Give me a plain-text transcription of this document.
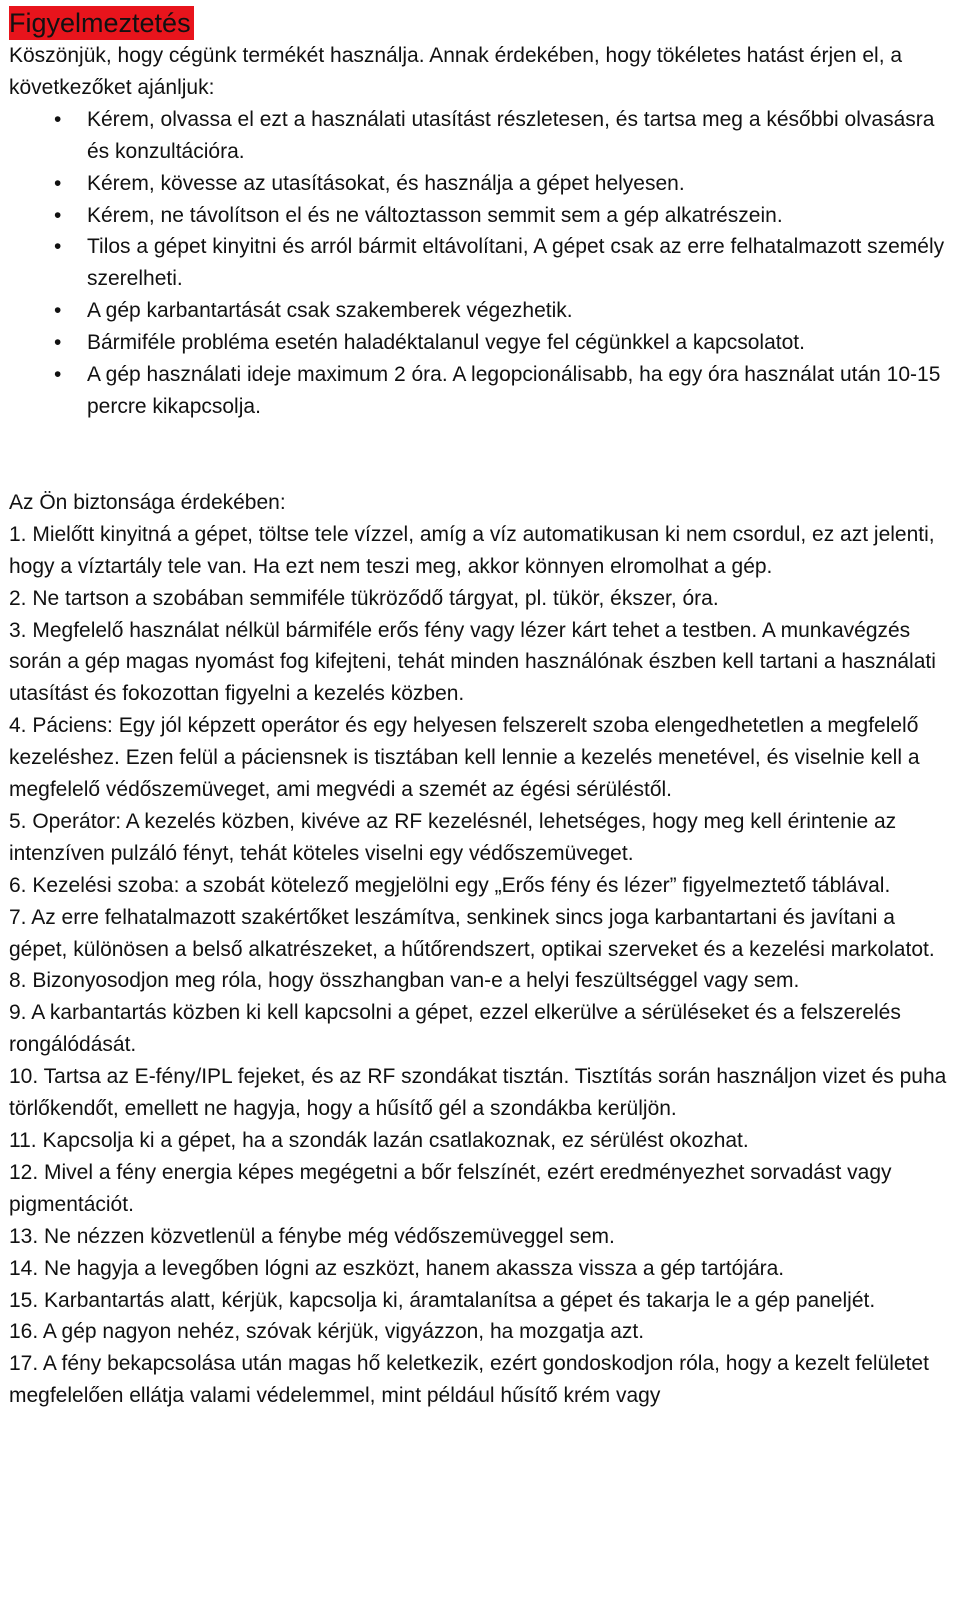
Figyelmeztetés

Köszönjük, hogy cégünk termékét használja. Annak érdekében, hogy tökéletes hatást érjen el, a következőket ajánljuk:

• Kérem, olvassa el ezt a használati utasítást részletesen, és tartsa meg a későbbi olvasásra és konzultációra.
• Kérem, kövesse az utasításokat, és használja a gépet helyesen.
• Kérem, ne távolítson el és ne változtasson semmit sem a gép alkatrészein.
• Tilos a gépet kinyitni és arról bármit eltávolítani, A gépet csak az erre felhatalmazott személy szerelheti.
• A gép karbantartását csak szakemberek végezhetik.
• Bármiféle probléma esetén haladéktalanul vegye fel cégünkkel a kapcsolatot.
• A gép használati ideje maximum 2 óra. A legopcionálisabb, ha egy óra használat után 10-15 percre kikapcsolja.

Az Ön biztonsága érdekében:

1. Mielőtt kinyitná a gépet, töltse tele vízzel, amíg a víz automatikusan ki nem csordul, ez azt jelenti, hogy a víztartály tele van. Ha ezt nem teszi meg, akkor könnyen elromolhat a gép.

2. Ne tartson a szobában semmiféle tükröződő tárgyat, pl. tükör, ékszer, óra.

3. Megfelelő használat nélkül bármiféle erős fény vagy lézer kárt tehet a testben. A munkavégzés során a gép magas nyomást fog kifejteni, tehát minden használónak észben kell tartani a használati utasítást és fokozottan figyelni a kezelés közben.

4. Páciens: Egy jól képzett operátor és egy helyesen felszerelt szoba elengedhetetlen a megfelelő kezeléshez. Ezen felül a páciensnek is tisztában kell lennie a kezelés menetével, és viselnie kell a megfelelő védőszemüveget, ami megvédi a szemét az égési sérüléstől.

5. Operátor: A kezelés közben, kivéve az RF kezelésnél, lehetséges, hogy meg kell érintenie az intenzíven pulzáló fényt, tehát köteles viselni egy védőszemüveget.

6. Kezelési szoba: a szobát kötelező megjelölni egy „Erős fény és lézer” figyelmeztető táblával.

7. Az erre felhatalmazott szakértőket leszámítva, senkinek sincs joga karbantartani és javítani a gépet, különösen a belső alkatrészeket, a hűtőrendszert, optikai szerveket és a kezelési markolatot.

8. Bizonyosodjon meg róla, hogy összhangban van-e a helyi feszültséggel vagy sem.

9. A karbantartás közben ki kell kapcsolni a gépet, ezzel elkerülve a sérüléseket és a felszerelés rongálódását.

10. Tartsa az E-fény/IPL fejeket, és az RF szondákat tisztán. Tisztítás során használjon vizet és puha törlőkendőt, emellett ne hagyja, hogy a hűsítő gél a szondákba kerüljön.

11. Kapcsolja ki a gépet, ha a szondák lazán csatlakoznak, ez sérülést okozhat.

12. Mivel a fény energia képes megégetni a bőr felszínét, ezért eredményezhet sorvadást vagy pigmentációt.

13. Ne nézzen közvetlenül a fénybe még védőszemüveggel sem.

14. Ne hagyja a levegőben lógni az eszközt, hanem akassza vissza a gép tartójára.

15. Karbantartás alatt, kérjük, kapcsolja ki, áramtalanítsa a gépet és takarja le a gép paneljét.

16. A gép nagyon nehéz, szóvak kérjük, vigyázzon, ha mozgatja azt.

17. A fény bekapcsolása után magas hő keletkezik, ezért gondoskodjon róla, hogy a kezelt felületet megfelelően ellátja valami védelemmel, mint például hűsítő krém vagy
